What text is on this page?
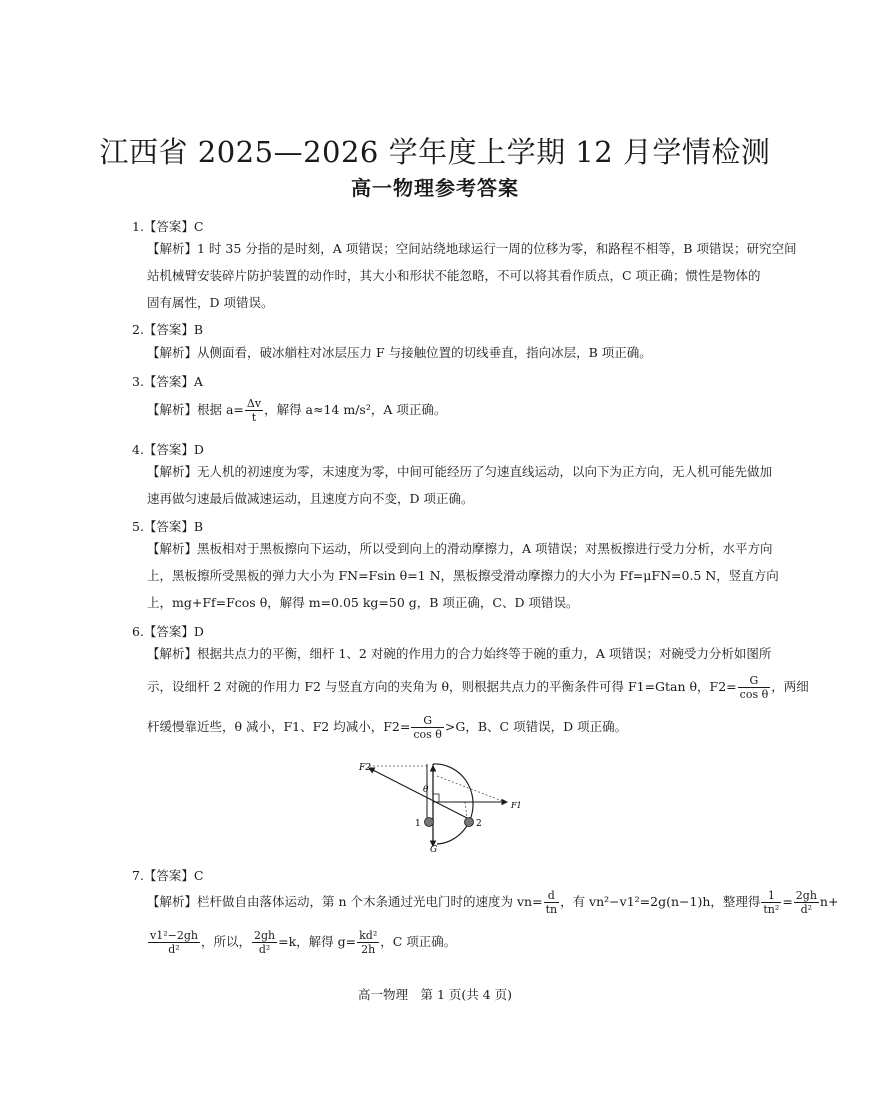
江西省 2025—2026 学年度上学期 12 月学情检测
高一物理参考答案
1.【答案】C
【解析】1 时 35 分指的是时刻，A 项错误；空间站绕地球运行一周的位移为零，和路程不相等，B 项错误；研究空间
站机械臂安装碎片防护装置的动作时，其大小和形状不能忽略，不可以将其看作质点，C 项正确；惯性是物体的
固有属性，D 项错误。
2.【答案】B
【解析】从侧面看，破冰艏柱对冰层压力 F 与接触位置的切线垂直，指向冰层，B 项正确。
3.【答案】A
【解析】根据 $a= \frac{\Delta v}{t}$ ，解得 a≈14 m/s²，A 项正确。
4.【答案】D
【解析】无人机的初速度为零，末速度为零，中间可能经历了匀速直线运动，以向下为正方向，无人机可能先做加
速再做匀速最后做减速运动，且速度方向不变，D 项正确。
5.【答案】B
【解析】黑板相对于黑板擦向下运动，所以受到向上的滑动摩擦力，A 项错误；对黑板擦进行受力分析，水平方向
上，黑板擦所受黑板的弹力大小为 FN=Fsin θ=1 N，黑板擦受滑动摩擦力的大小为 Ff=μFN=0.5 N，竖直方向
上，mg+Ff=Fcos θ，解得 m=0.05 kg=50 g，B 项正确，C、D 项错误。
6.【答案】D
【解析】根据共点力的平衡，细杆 1、2 对碗的作用力的合力始终等于碗的重力，A 项错误；对碗受力分析如图所
示，设细杆 2 对碗的作用力 F2 与竖直方向的夹角为 θ，则根据共点力的平衡条件可得 F1=Gtan θ，$F2= \frac{G}{\text{cos θ}}$ ，两细
杆缓慢靠近些，θ 减小，F1、F2 均减小，$F2= \frac{G}{\text{cos θ}} >G$，B、C 项错误，D 项正确。
F2
F1
θ
G
1	2
7.【答案】C
【解析】栏杆做自由落体运动，第 n 个木条通过光电门时的速度为 $vn= \frac{d}{tn}$ ，有 vn²−v1²=2g(n−1)h，整理得 $\frac{1}{\text{tn²}} = \frac{2gh}{\text{d²}} n+$
$\frac{\text{v1²−2gh}}{\text{d²}}$ ，所以， $\frac{2gh}{\text{d²}} =k$，解得 $g= \frac{\text{kd²}}{2h}$ ，C 项正确。
高一物理　第 1 页(共 4 页)
